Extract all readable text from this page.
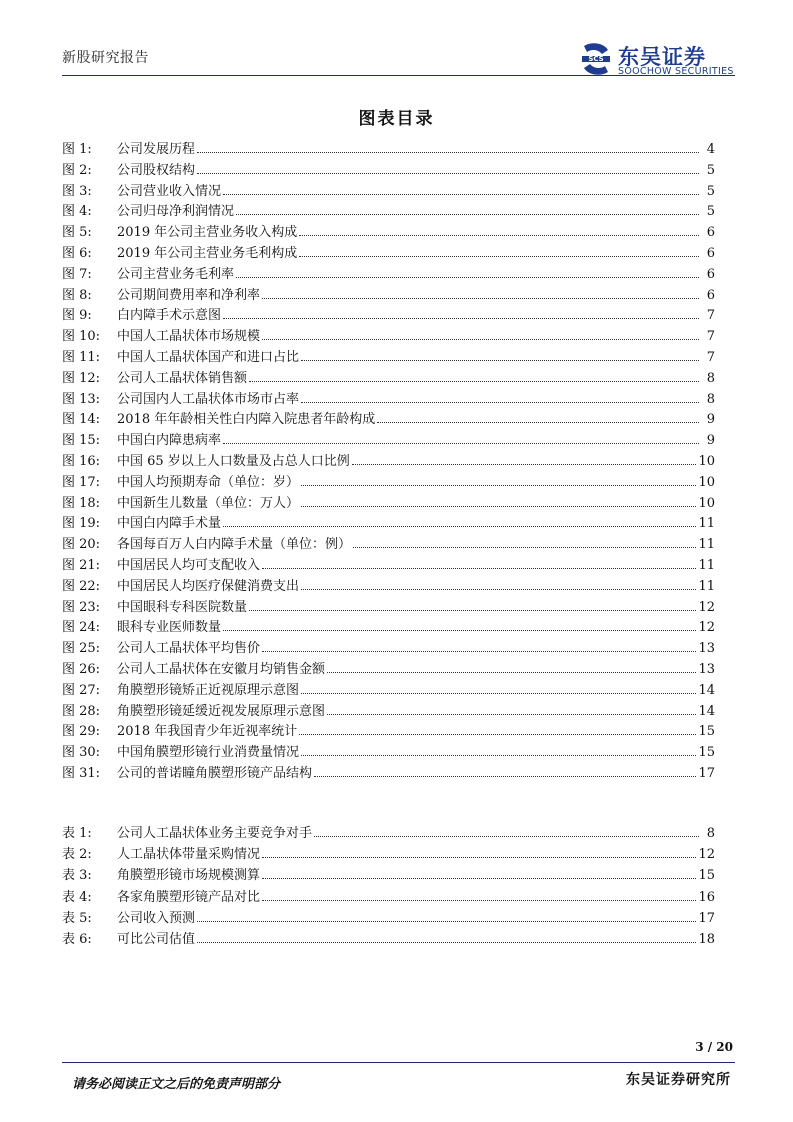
新股研究报告	SCS 东吴证券
SOOCHOW SECURITIES
图表目录
图 1:	公司发展历程	4
图 2:	公司股权结构	5
图 3:	公司营业收入情况	5
图 4:	公司归母净利润情况	5
图 5:	2019 年公司主营业务收入构成	6
图 6:	2019 年公司主营业务毛利构成	6
图 7:	公司主营业务毛利率	6
图 8:	公司期间费用率和净利率	6
图 9:	白内障手术示意图	7
图 10:	中国人工晶状体市场规模	7
图 11:	中国人工晶状体国产和进口占比	7
图 12:	公司人工晶状体销售额	8
图 13:	公司国内人工晶状体市场市占率	8
图 14:	2018 年年龄相关性白内障入院患者年龄构成	9
图 15:	中国白内障患病率	9
图 16:	中国 65 岁以上人口数量及占总人口比例	10
图 17:	中国人均预期寿命（单位：岁）	10
图 18:	中国新生儿数量（单位：万人）	10
图 19:	中国白内障手术量	11
图 20:	各国每百万人白内障手术量（单位：例）	11
图 21:	中国居民人均可支配收入	11
图 22:	中国居民人均医疗保健消费支出	11
图 23:	中国眼科专科医院数量	12
图 24:	眼科专业医师数量	12
图 25:	公司人工晶状体平均售价	13
图 26:	公司人工晶状体在安徽月均销售金额	13
图 27:	角膜塑形镜矫正近视原理示意图	14
图 28:	角膜塑形镜延缓近视发展原理示意图	14
图 29:	2018 年我国青少年近视率统计	15
图 30:	中国角膜塑形镜行业消费量情况	15
图 31:	公司的普诺瞳角膜塑形镜产品结构	17
表 1:	公司人工晶状体业务主要竞争对手	8
表 2:	人工晶状体带量采购情况	12
表 3:	角膜塑形镜市场规模测算	15
表 4:	各家角膜塑形镜产品对比	16
表 5:	公司收入预测	17
表 6:	可比公司估值	18
3 / 20
请务必阅读正文之后的免责声明部分	东吴证券研究所
